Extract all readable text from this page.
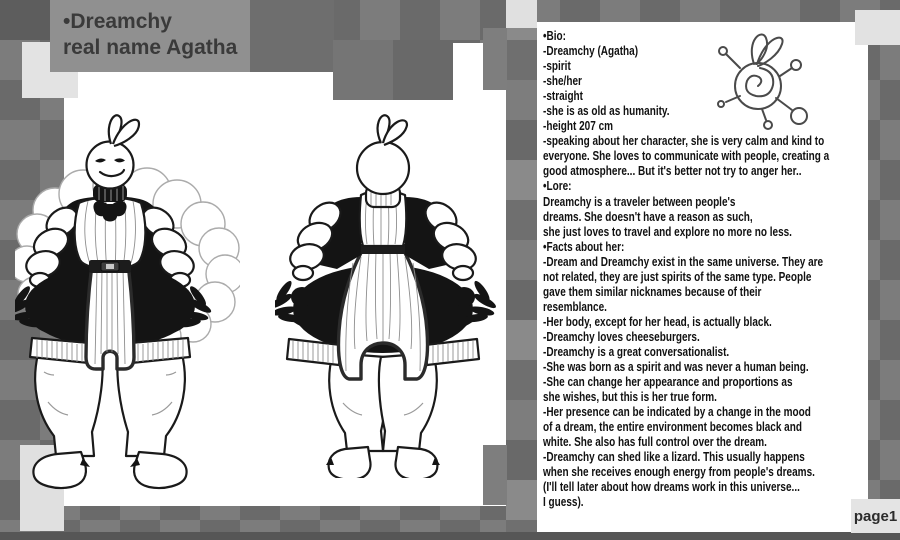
•Dreamchy
real name Agatha	•Bio:
-Dreamchy (Agatha)
-spirit
-she/her
-straight
-she is as old as humanity.
-height 207 cm
-speaking about her character, she is very calm and kind to
everyone. She loves to communicate with people, creating a
good atmosphere... But it's better not try to anger her..
•Lore:
Dreamchy is a traveler between people's
dreams. She doesn't have a reason as such,
she just loves to travel and explore no more no less.
•Facts about her:
-Dream and Dreamchy exist in the same universe. They are
not related, they are just spirits of the same type. People
gave them similar nicknames because of their
resemblance.
-Her body, except for her head, is actually black.
-Dreamchy loves cheeseburgers.
-Dreamchy is a great conversationalist.
-She was born as a spirit and was never a human being.
-She can change her appearance and proportions as
she wishes, but this is her true form.
-Her presence can be indicated by a change in the mood
of a dream, the entire environment becomes black and
white. She also has full control over the dream.
-Dreamchy can shed like a lizard. This usually happens
when she receives enough energy from people's dreams.
(I'll tell later about how dreams work in this universe...
I guess).
page1
